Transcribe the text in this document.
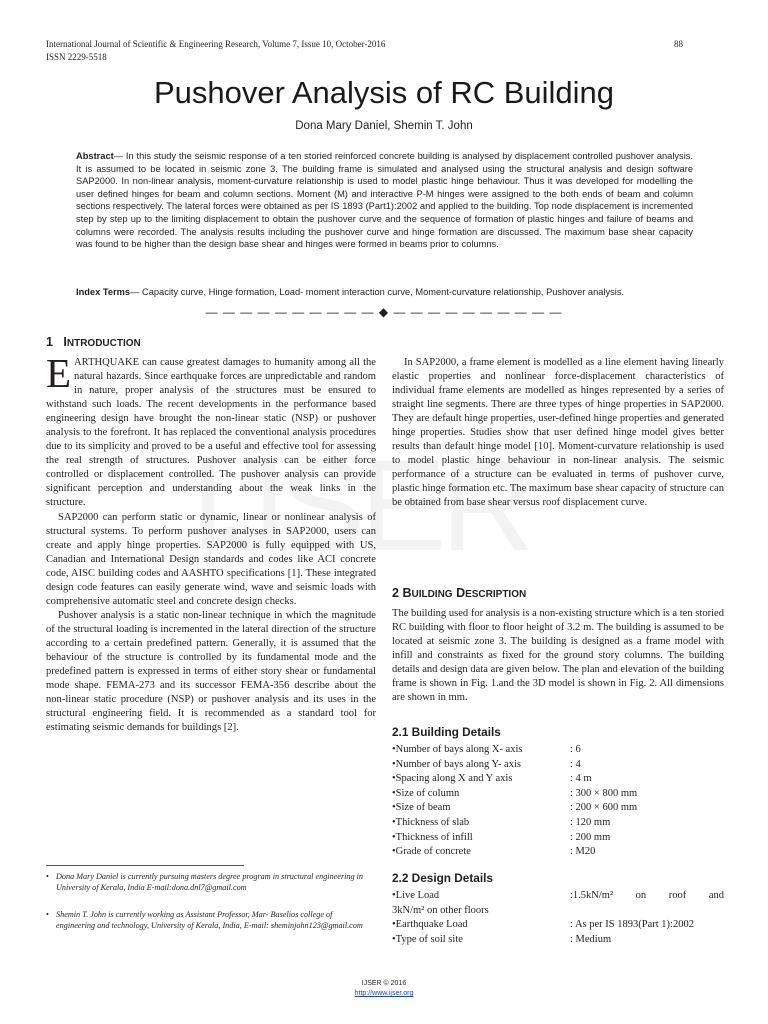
International Journal of Scientific & Engineering Research, Volume 7, Issue 10, October-2016
ISSN 2229-5518
88
Pushover Analysis of RC Building
Dona Mary Daniel, Shemin T. John
Abstract— In this study the seismic response of a ten storied reinforced concrete building is analysed by displacement controlled pushover analysis. It is assumed to be located in seismic zone 3. The building frame is simulated and analysed using the structural analysis and design software SAP2000. In non-linear analysis, moment-curvature relationship is used to model plastic hinge behaviour. Thus it was developed for modelling the user defined hinges for beam and column sections. Moment (M) and interactive P-M hinges were assigned to the both ends of beam and column sections respectively. The lateral forces were obtained as per IS 1893 (Part1):2002 and applied to the building. Top node displacement is incremented step by step up to the limiting displacement to obtain the pushover curve and the sequence of formation of plastic hinges and failure of beams and columns were recorded. The analysis results including the pushover curve and hinge formation are discussed. The maximum base shear capacity was found to be higher than the design base shear and hinges were formed in beams prior to columns.
Index Terms— Capacity curve, Hinge formation, Load- moment interaction curve, Moment-curvature relationship, Pushover analysis.
— — — — — — — — — — ◆ — — — — — — — — — —
1 INTRODUCTION

EARTHQUAKE can cause greatest damages to humanity among all the natural hazards. Since earthquake forces are unpredictable and random in nature, proper analysis of the structures must be ensured to withstand such loads. The recent developments in the performance based engineering design have brought the non-linear static (NSP) or pushover analysis to the forefront. It has replaced the conventional analysis procedures due to its simplicity and proved to be a useful and effective tool for assessing the real strength of structures. Pushover analysis can be either force controlled or displacement controlled. The pushover analysis can provide significant perception and understanding about the weak links in the structure.

SAP2000 can perform static or dynamic, linear or nonlinear analysis of structural systems. To perform pushover analyses in SAP2000, users can create and apply hinge properties. SAP2000 is fully equipped with US, Canadian and International Design standards and codes like ACI concrete code, AISC building codes and AASHTO specifications [1]. These integrated design code features can easily generate wind, wave and seismic loads with comprehensive automatic steel and concrete design checks.

Pushover analysis is a static non-linear technique in which the magnitude of the structural loading is incremented in the lateral direction of the structure according to a certain predefined pattern. Generally, it is assumed that the behaviour of the structure is controlled by its fundamental mode and the predefined pattern is expressed in terms of either story shear or fundamental mode shape. FEMA-273 and its successor FEMA-356 describe about the non-linear static procedure (NSP) or pushover analysis and its uses in the structural engineering field. It is recommended as a standard tool for estimating seismic demands for buildings [2].

In SAP2000, a frame element is modelled as a line element having linearly elastic properties and nonlinear force-displacement characteristics of individual frame elements are modelled as hinges represented by a series of straight line segments. There are three types of hinge properties in SAP2000. They are default hinge properties, user-defined hinge properties and generated hinge properties. Studies show that user defined hinge model gives better results than default hinge model [10]. Moment-curvature relationship is used to model plastic hinge behaviour in non-linear analysis. The seismic performance of a structure can be evaluated in terms of pushover curve, plastic hinge formation etc. The maximum base shear capacity of structure can be obtained from base shear versus roof displacement curve.

2 BUILDING DESCRIPTION

The building used for analysis is a non-existing structure which is a ten storied RC building with floor to floor height of 3.2 m. The building is assumed to be located at seismic zone 3. The building is designed as a frame model with infill and constraints as fixed for the ground story columns. The building details and design data are given below. The plan and elevation of the building frame is shown in Fig. 1.and the 3D model is shown in Fig. 2. All dimensions are shown in mm.

2.1 Building Details
•Number of bays along X- axis	: 6
•Number of bays along Y- axis	: 4
•Spacing along X and Y axis	: 4 m
•Size of column	: 300 × 800 mm
•Size of beam	: 200 × 600 mm
•Thickness of slab	: 120 mm
•Thickness of infill	: 200 mm
•Grade of concrete	: M20
2.2 Design Details
•Live Load	:1.5kN/m² on roof and
3kN/m² on other floors
•Earthquake Load	: As per IS 1893(Part 1):2002
•Type of soil site	: Medium
• Dona Mary Daniel is currently pursuing masters degree program in structural engineering in University of Kerala, India E-mail:dona.dnl7@gmail.com
• Shemin T. John is currently working as Assistant Professor, Mar- Baselios college of engineering and technology, University of Kerala, India, E-mail: sheminjohn123@gmail.com
IJSER © 2016
http://www.ijser.org
